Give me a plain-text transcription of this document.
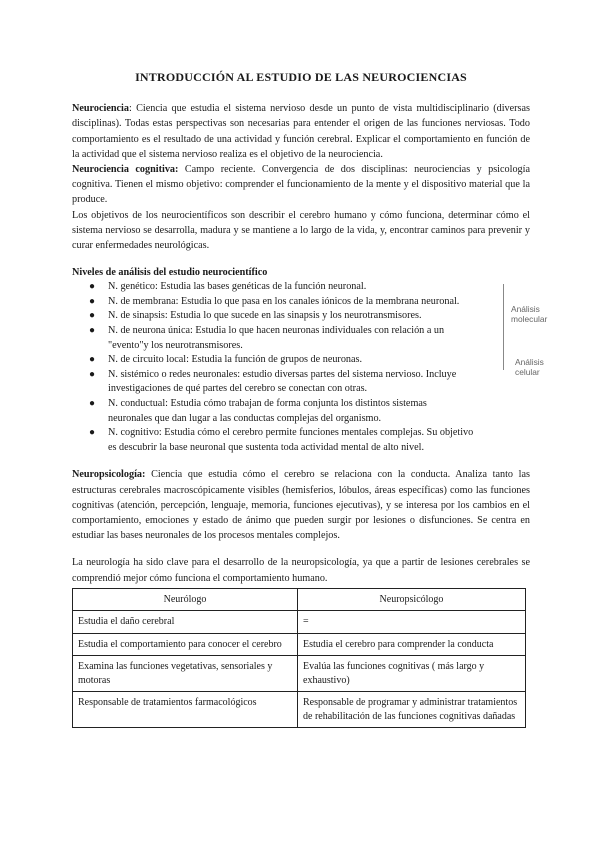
INTRODUCCIÓN AL ESTUDIO DE LAS NEUROCIENCIAS

Neurociencia: Ciencia que estudia el sistema nervioso desde un punto de vista multidisciplinario (diversas disciplinas). Todas estas perspectivas son necesarias para entender el origen de las funciones nerviosas. Todo comportamiento es el resultado de una actividad y función cerebral. Explicar el comportamiento en función de la actividad que el sistema nervioso realiza es el objetivo de la neurociencia.

Neurociencia cognitiva: Campo reciente. Convergencia de dos disciplinas: neurociencias y psicología cognitiva. Tienen el mismo objetivo: comprender el funcionamiento de la mente y el dispositivo material que la produce.

Los objetivos de los neurocientíficos son describir el cerebro humano y cómo funciona, determinar cómo el sistema nervioso se desarrolla, madura y se mantiene a lo largo de la vida, y, encontrar caminos para prevenir y curar enfermedades neurológicas.

Niveles de análisis del estudio neurocientífico
● N. genético: Estudia las bases genéticas de la función neuronal.
● N. de membrana: Estudia lo que pasa en los canales iónicos de la membrana neuronal.
● N. de sinapsis: Estudia lo que sucede en las sinapsis y los neurotransmisores.
● N. de neurona única: Estudia lo que hacen neuronas individuales con relación a un
"evento"y los neurotransmisores.
● N. de circuito local: Estudia la función de grupos de neuronas.
● N. sistémico o redes neuronales: estudio diversas partes del sistema nervioso. Incluye
investigaciones de qué partes del cerebro se conectan con otras.
● N. conductual: Estudia cómo trabajan de forma conjunta los distintos sistemas
neuronales que dan lugar a las conductas complejas del organismo.
● N. cognitivo: Estudia cómo el cerebro permite funciones mentales complejas. Su objetivo
es descubrir la base neuronal que sustenta toda actividad mental de alto nivel.

Neuropsicología: Ciencia que estudia cómo el cerebro se relaciona con la conducta. Analiza tanto las estructuras cerebrales macroscópicamente visibles (hemisferios, lóbulos, áreas específicas) como las funciones cognitivas (atención, percepción, lenguaje, memoria, funciones ejecutivas), y se interesa por los cambios en el comportamiento, emociones y estado de ánimo que pueden surgir por lesiones o disfunciones. Se centra en estudiar las bases neuronales de los procesos mentales complejos.

La neurología ha sido clave para el desarrollo de la neuropsicología, ya que a partir de lesiones cerebrales se comprendió mejor cómo funciona el comportamiento humano.

Neurólogo	Neuropsicólogo
Estudia el daño cerebral	=
Estudia el comportamiento para conocer el cerebro	Estudia el cerebro para comprender la conducta
Examina las funciones vegetativas, sensoriales y motoras	Evalúa las funciones cognitivas ( más largo y exhaustivo)
Responsable de tratamientos farmacológicos	Responsable de programar y administrar tratamientos de rehabilitación de las funciones cognitivas dañadas
Análisis
molecular
Análisis
celular
